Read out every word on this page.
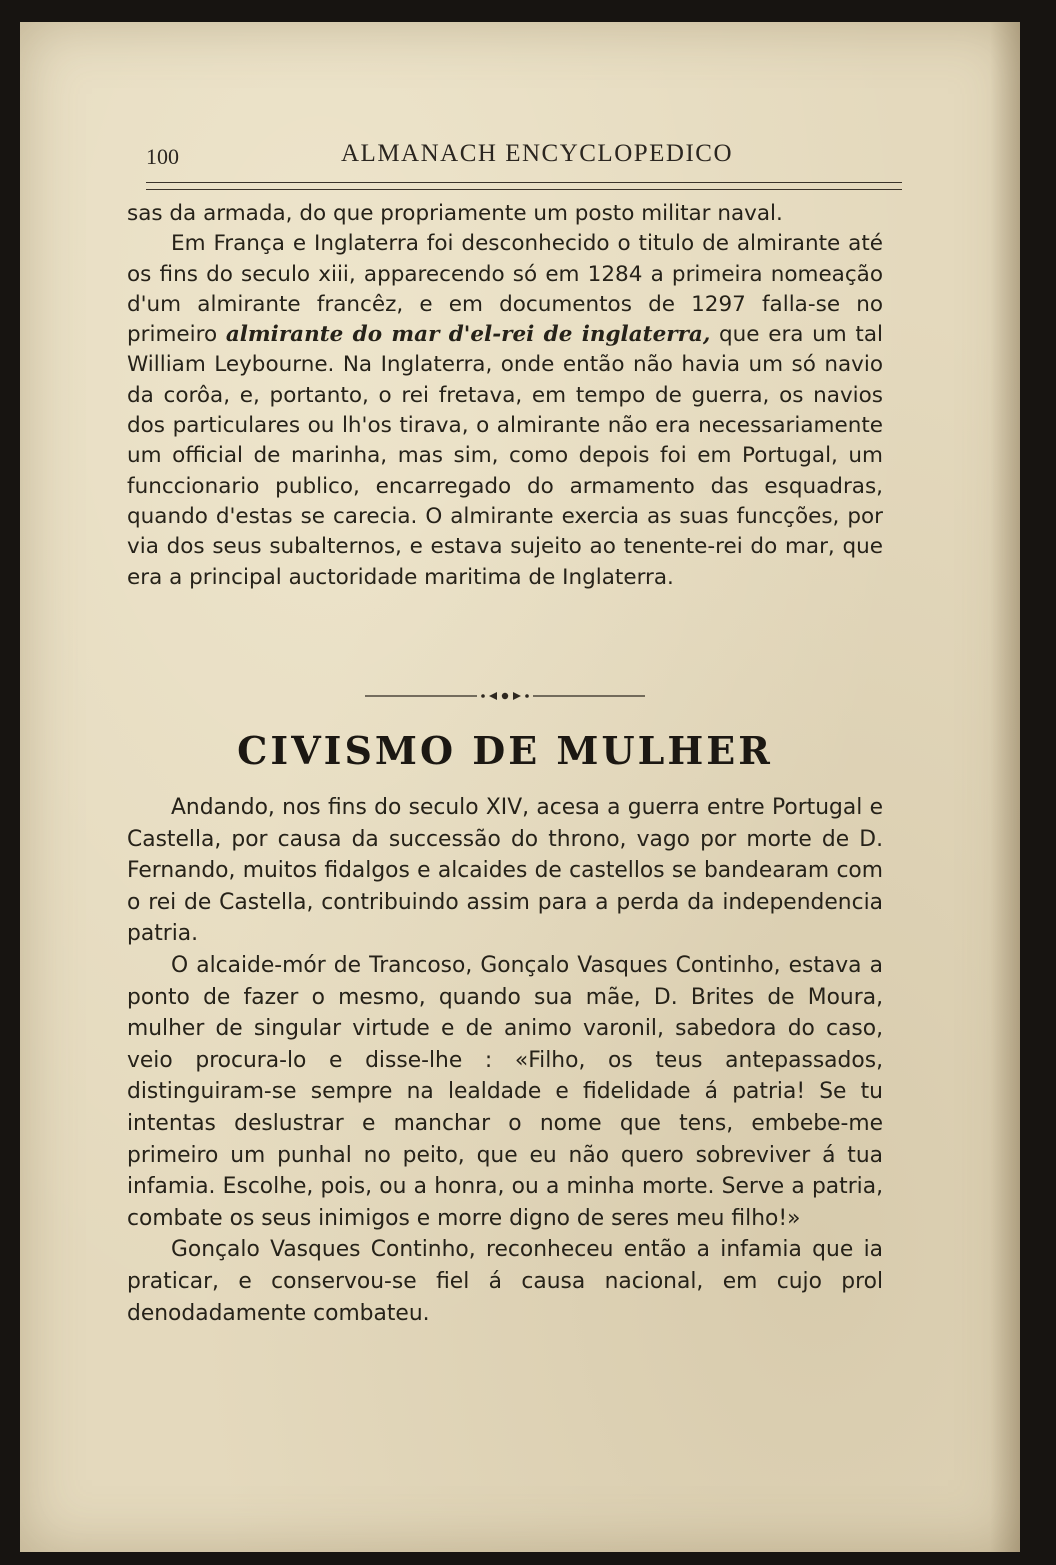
100	ALMANACH ENCYCLOPEDICO

sas da armada, do que propriamente um posto militar naval.

Em França e Inglaterra foi desconhecido o titulo de almirante até os fins do seculo xiii, apparecendo só em 1284 a primeira nomeação d'um almirante francêz, e em documentos de 1297 falla-se no primeiro almirante do mar d'el-rei de inglaterra, que era um tal William Leybourne. Na Inglaterra, onde então não havia um só navio da corôa, e, portanto, o rei fretava, em tempo de guerra, os navios dos particulares ou lh'os tirava, o almirante não era necessariamente um official de marinha, mas sim, como depois foi em Portugal, um funccionario publico, encarregado do armamento das esquadras, quando d'estas se carecia. O almirante exercia as suas funcções, por via dos seus subalternos, e estava sujeito ao tenente-rei do mar, que era a principal auctoridade maritima de Inglaterra.

CIVISMO DE MULHER

Andando, nos fins do seculo XIV, acesa a guerra entre Portugal e Castella, por causa da successão do throno, vago por morte de D. Fernando, muitos fidalgos e alcaides de castellos se bandearam com o rei de Castella, contribuindo assim para a perda da independencia patria.

O alcaide-mór de Trancoso, Gonçalo Vasques Continho, estava a ponto de fazer o mesmo, quando sua mãe, D. Brites de Moura, mulher de singular virtude e de animo varonil, sabedora do caso, veio procura-lo e disse-lhe : «Filho, os teus antepassados, distinguiram-se sempre na lealdade e fidelidade á patria! Se tu intentas deslustrar e manchar o nome que tens, embebe-me primeiro um punhal no peito, que eu não quero sobreviver á tua infamia. Escolhe, pois, ou a honra, ou a minha morte. Serve a patria, combate os seus inimigos e morre digno de seres meu filho!»

Gonçalo Vasques Continho, reconheceu então a infamia que ia praticar, e conservou-se fiel á causa nacional, em cujo prol denodadamente combateu.
